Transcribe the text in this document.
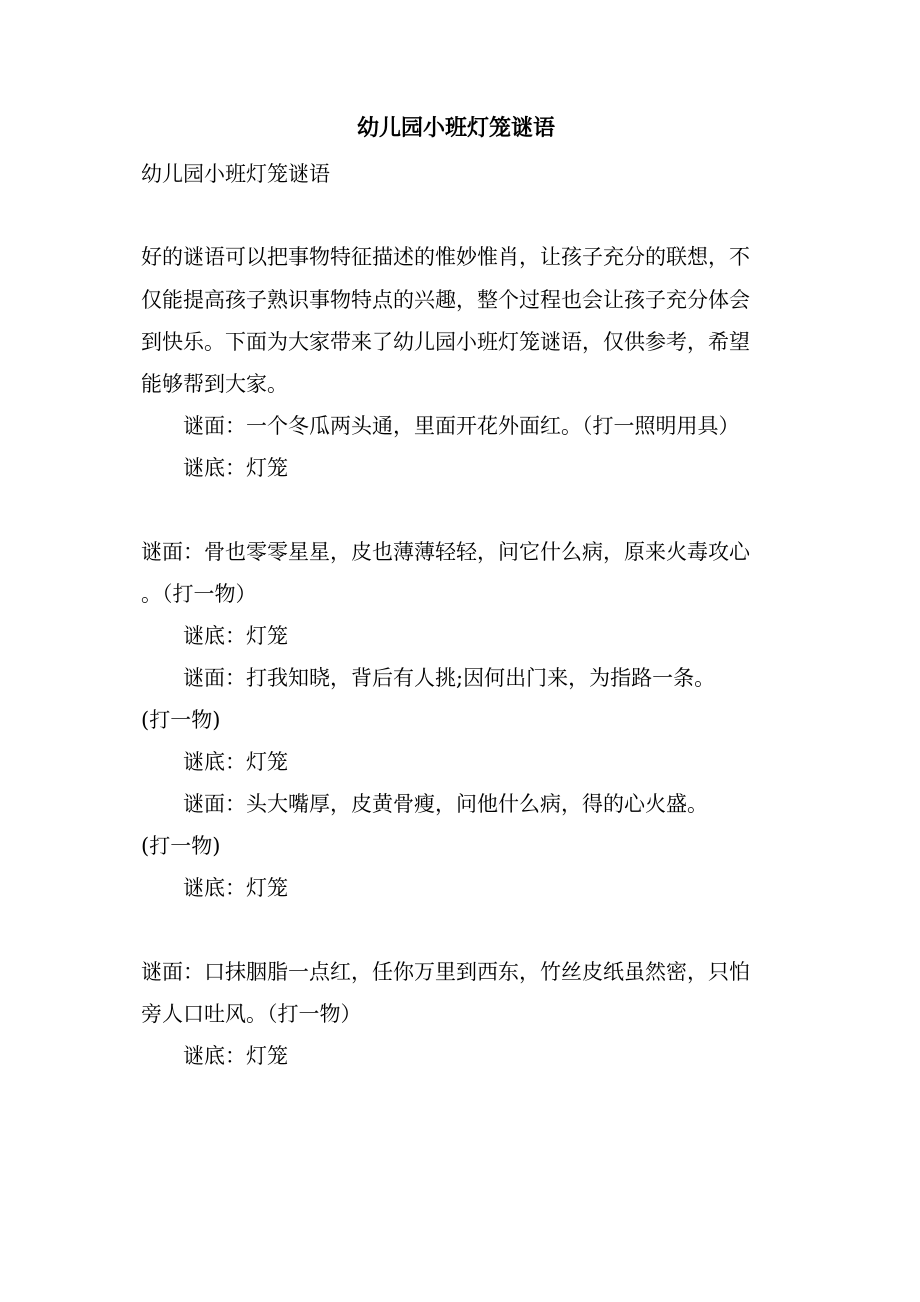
幼儿园小班灯笼谜语
幼儿园小班灯笼谜语
好的谜语可以把事物特征描述的惟妙惟肖，让孩子充分的联想，不
仅能提高孩子熟识事物特点的兴趣，整个过程也会让孩子充分体会
到快乐。下面为大家带来了幼儿园小班灯笼谜语，仅供参考，希望
能够帮到大家。
谜面：一个冬瓜两头通，里面开花外面红。（打一照明用具）
谜底：灯笼
谜面：骨也零零星星，皮也薄薄轻轻，问它什么病，原来火毒攻心
。（打一物）
谜底：灯笼
谜面：打我知晓，背后有人挑;因何出门来，为指路一条。
(打一物)
谜底：灯笼
谜面：头大嘴厚，皮黄骨瘦，问他什么病，得的心火盛。
(打一物)
谜底：灯笼
谜面：口抹胭脂一点红，任你万里到西东，竹丝皮纸虽然密，只怕
旁人口吐风。（打一物）
谜底：灯笼
